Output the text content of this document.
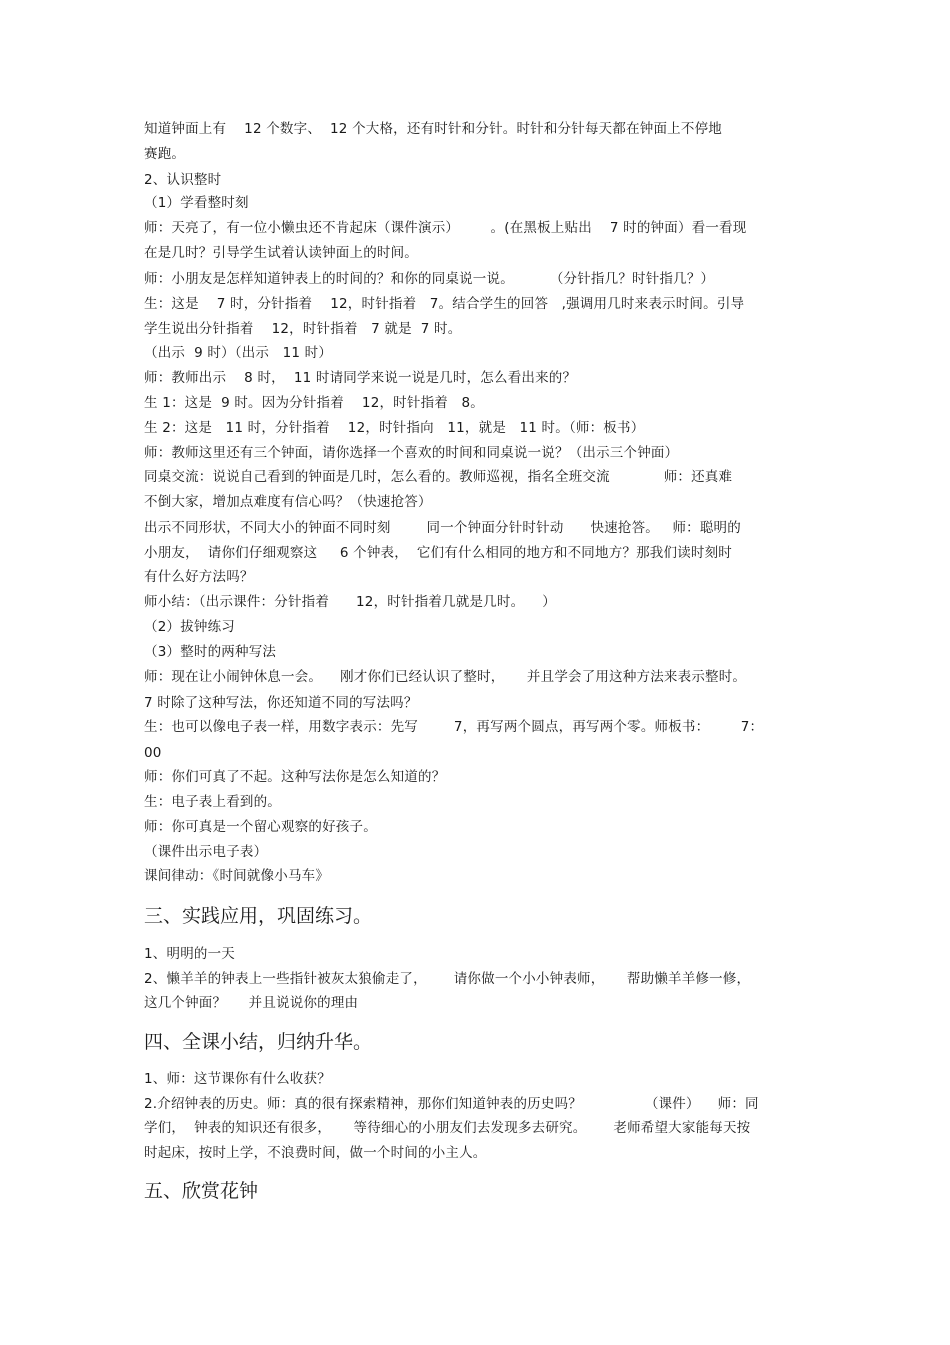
知道钟面上有    12 个数字、  12 个大格，还有时针和分针。时针和分针每天都在钟面上不停地
赛跑。
2、认识整时
（1）学看整时刻
师：天亮了，有一位小懒虫还不肯起床（课件演示）       。(在黑板上贴出    7 时的钟面）看一看现
在是几时？引导学生试着认读钟面上的时间。
师：小朋友是怎样知道钟表上的时间的？和你的同桌说一说。        （分针指几？时针指几？）
生：这是    7 时，分针指着    12，时针指着   7。结合学生的回答   ,强调用几时来表示时间。引导
学生说出分针指着    12，时针指着   7 就是  7 时。
（出示  9 时）（出示   11 时）
师：教师出示    8 时，  11 时请同学来说一说是几时，怎么看出来的？
生 1：这是  9 时。因为分针指着    12，时针指着   8。
生 2：这是   11 时，分针指着    12，时针指向   11，就是   11 时。（师：板书）
师：教师这里还有三个钟面，请你选择一个喜欢的时间和同桌说一说？（出示三个钟面）
同桌交流：说说自己看到的钟面是几时，怎么看的。教师巡视，指名全班交流            师：还真难
不倒大家，增加点难度有信心吗？（快速抢答）
出示不同形状，不同大小的钟面不同时刻        同一个钟面分针时针动      快速抢答。   师：聪明的
小朋友，  请你们仔细观察这     6 个钟表，  它们有什么相同的地方和不同地方？那我们读时刻时
有什么好方法吗？
师小结：（出示课件：分针指着      12，时针指着几就是几时。    ）
（2）拔钟练习
（3）整时的两种写法
师：现在让小闹钟休息一会。    刚才你们已经认识了整时，     并且学会了用这种方法来表示整时。
7 时除了这种写法，你还知道不同的写法吗？
生：也可以像电子表一样，用数字表示：先写        7，再写两个圆点，再写两个零。师板书：       7：
00
师：你们可真了不起。这种写法你是怎么知道的？
生：电子表上看到的。
师：你可真是一个留心观察的好孩子。
（课件出示电子表）
课间律动：《时间就像小马车》
三、实践应用，巩固练习。
1、明明的一天
2、懒羊羊的钟表上一些指针被灰太狼偷走了，      请你做一个小小钟表师，     帮助懒羊羊修一修，
这几个钟面？     并且说说你的理由
四、全课小结，归纳升华。
1、师：这节课你有什么收获？
2.介绍钟表的历史。师：真的很有探索精神，那你们知道钟表的历史吗？              （课件）    师：同
学们，  钟表的知识还有很多，     等待细心的小朋友们去发现多去研究。      老师希望大家能每天按
时起床，按时上学，不浪费时间，做一个时间的小主人。
五、欣赏花钟
